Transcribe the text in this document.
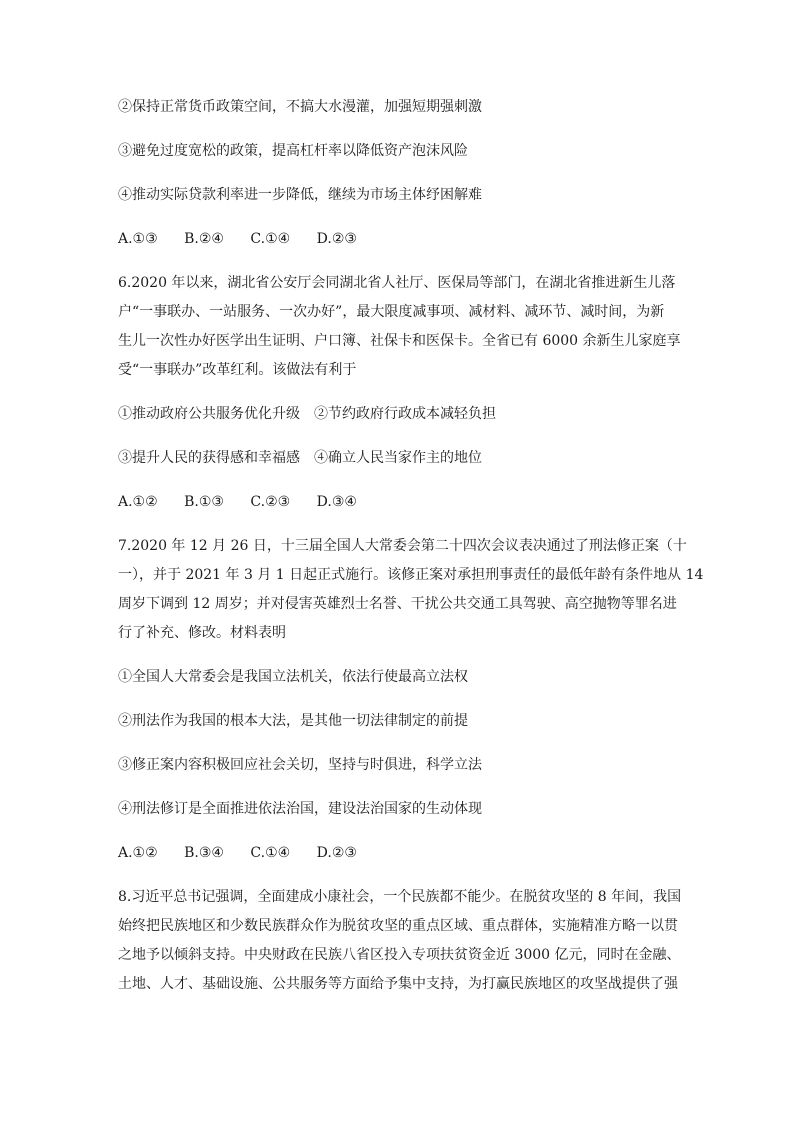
②保持正常货币政策空间，不搞大水漫灌，加强短期强刺激
③避免过度宽松的政策，提高杠杆率以降低资产泡沫风险
④推动实际贷款利率进一步降低，继续为市场主体纾困解难
A.①③ B.②④ C.①④ D.②③
6.2020 年以来，湖北省公安厅会同湖北省人社厅、医保局等部门，在湖北省推进新生儿落
户“一事联办、一站服务、一次办好”，最大限度减事项、减材料、减环节、减时间，为新
生儿一次性办好医学出生证明、户口簿、社保卡和医保卡。全省已有 6000 余新生儿家庭享
受“一事联办”改革红利。该做法有利于
①推动政府公共服务优化升级　②节约政府行政成本减轻负担
③提升人民的获得感和幸福感　④确立人民当家作主的地位
A.①② B.①③ C.②③ D.③④
7.2020 年 12 月 26 日，十三届全国人大常委会第二十四次会议表决通过了刑法修正案（十
一），并于 2021 年 3 月 1 日起正式施行。该修正案对承担刑事责任的最低年龄有条件地从 14
周岁下调到 12 周岁；并对侵害英雄烈士名誉、干扰公共交通工具驾驶、高空抛物等罪名进
行了补充、修改。材料表明
①全国人大常委会是我国立法机关，依法行使最高立法权
②刑法作为我国的根本大法，是其他一切法律制定的前提
③修正案内容积极回应社会关切，坚持与时俱进，科学立法
④刑法修订是全面推进依法治国，建设法治国家的生动体现
A.①② B.③④ C.①④ D.②③
8.习近平总书记强调，全面建成小康社会，一个民族都不能少。在脱贫攻坚的 8 年间，我国
始终把民族地区和少数民族群众作为脱贫攻坚的重点区域、重点群体，实施精准方略一以贯
之地予以倾斜支持。中央财政在民族八省区投入专项扶贫资金近 3000 亿元，同时在金融、
土地、人才、基础设施、公共服务等方面给予集中支持，为打赢民族地区的攻坚战提供了强
